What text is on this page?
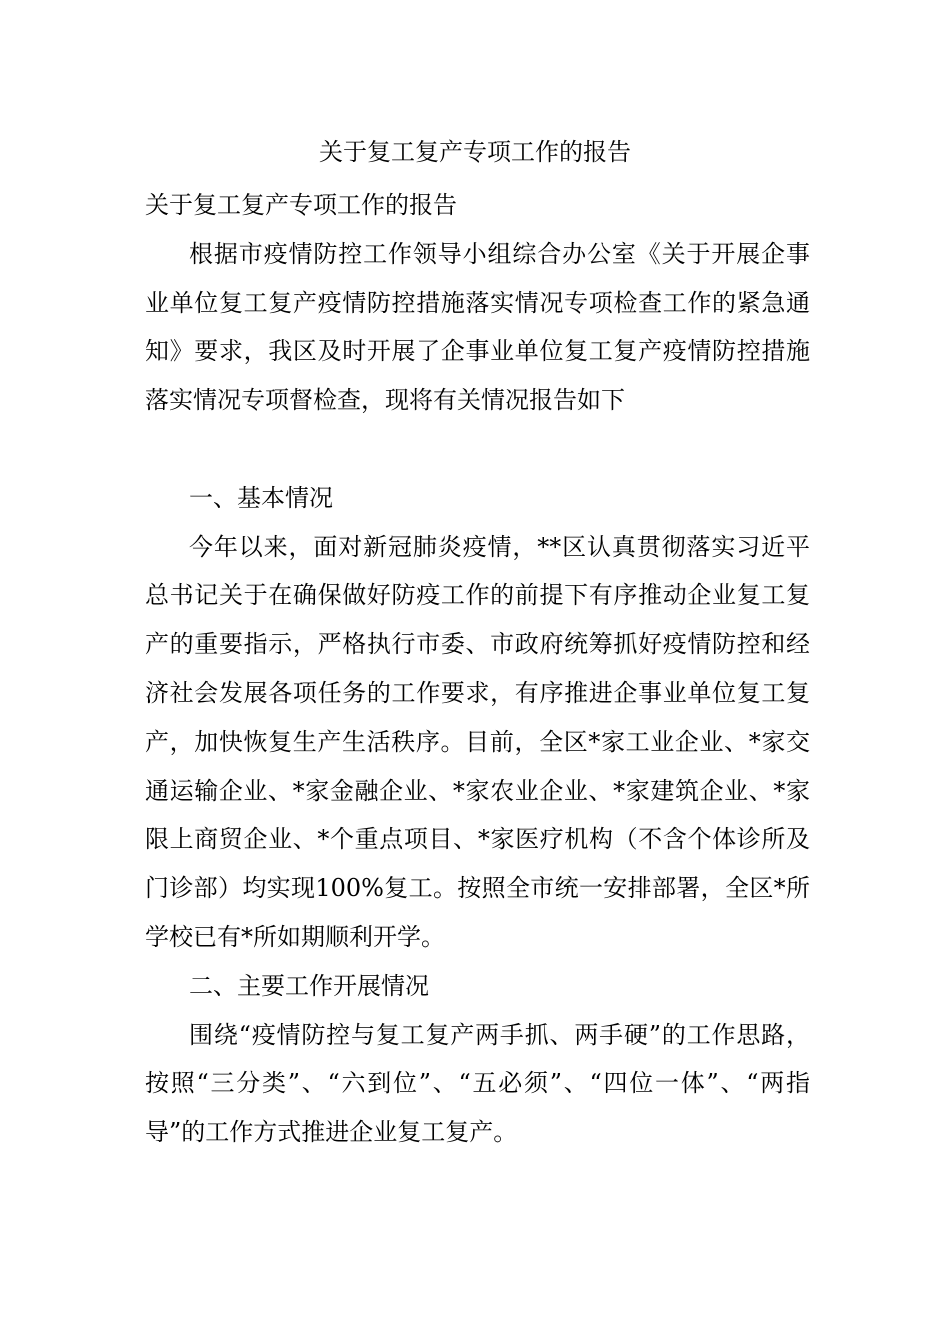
关于复工复产专项工作的报告

关于复工复产专项工作的报告

根据市疫情防控工作领导小组综合办公室《关于开展企事业单位复工复产疫情防控措施落实情况专项检查工作的紧急通知》要求，我区及时开展了企事业单位复工复产疫情防控措施落实情况专项督检查，现将有关情况报告如下

一、基本情况

今年以来，面对新冠肺炎疫情，**区认真贯彻落实习近平总书记关于在确保做好防疫工作的前提下有序推动企业复工复产的重要指示，严格执行市委、市政府统筹抓好疫情防控和经济社会发展各项任务的工作要求，有序推进企事业单位复工复产，加快恢复生产生活秩序。目前，全区*家工业企业、*家交通运输企业、*家金融企业、*家农业企业、*家建筑企业、*家限上商贸企业、*个重点项目、*家医疗机构（不含个体诊所及门诊部）均实现100%复工。按照全市统一安排部署，全区*所学校已有*所如期顺利开学。

二、主要工作开展情况

围绕“疫情防控与复工复产两手抓、两手硬”的工作思路，按照“三分类”、“六到位”、“五必须”、“四位一体”、“两指导”的工作方式推进企业复工复产。
